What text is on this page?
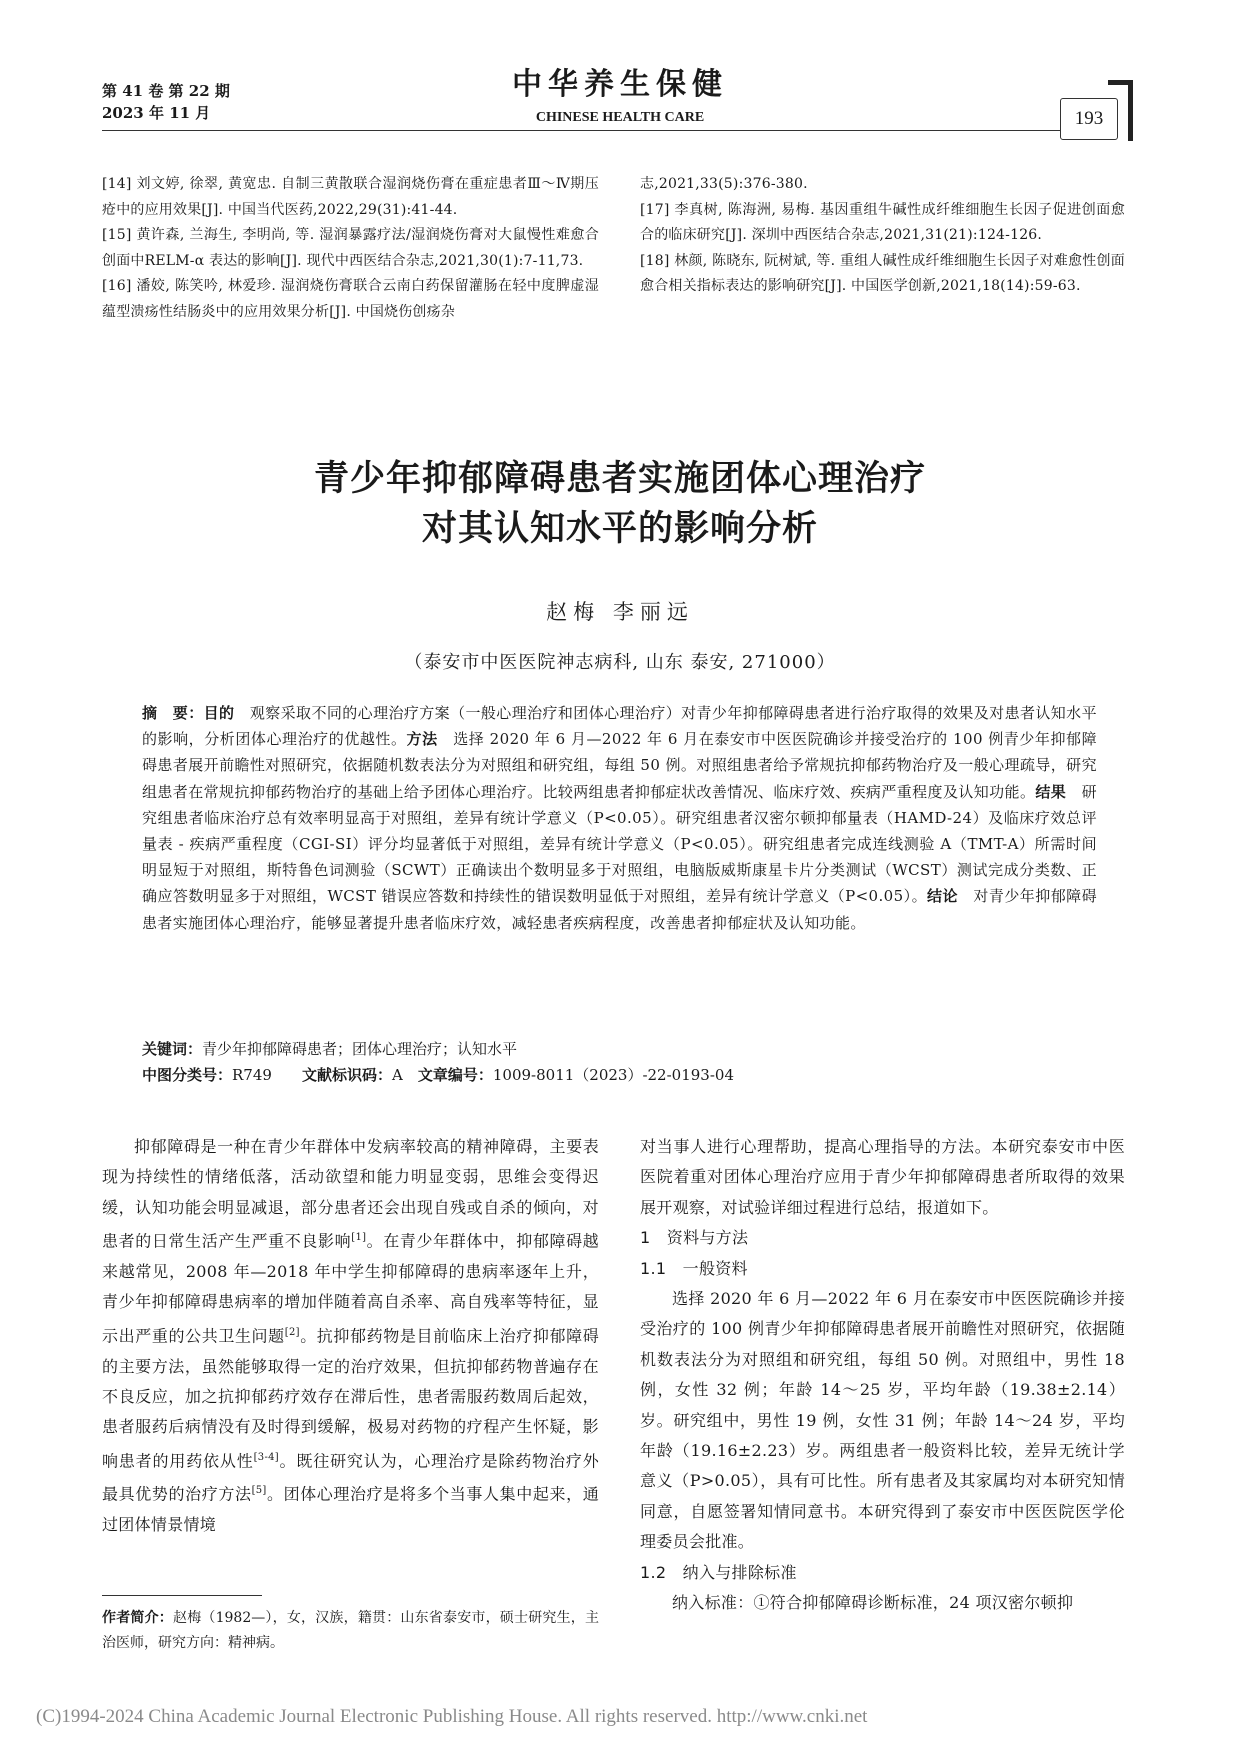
第 41 卷 第 22 期
2023 年 11 月
中华养生保健
CHINESE HEALTH CARE	193
[14] 刘文婷, 徐翠, 黄宽忠. 自制三黄散联合湿润烧伤膏在重症患者Ⅲ～Ⅳ期压疮中的应用效果[J]. 中国当代医药,2022,29(31):41-44.
[15] 黄许森, 兰海生, 李明尚, 等. 湿润暴露疗法/湿润烧伤膏对大鼠慢性难愈合创面中RELM-α 表达的影响[J]. 现代中西医结合杂志,2021,30(1):7-11,73.
[16] 潘姣, 陈笑吟, 林爱珍. 湿润烧伤膏联合云南白药保留灌肠在轻中度脾虚湿蕴型溃疡性结肠炎中的应用效果分析[J]. 中国烧伤创疡杂
志,2021,33(5):376-380.
[17] 李真树, 陈海洲, 易梅. 基因重组牛碱性成纤维细胞生长因子促进创面愈合的临床研究[J]. 深圳中西医结合杂志,2021,31(21):124-126.
[18] 林颜, 陈晓东, 阮树斌, 等. 重组人碱性成纤维细胞生长因子对难愈性创面愈合相关指标表达的影响研究[J]. 中国医学创新,2021,18(14):59-63.
青少年抑郁障碍患者实施团体心理治疗
对其认知水平的影响分析
赵梅 李丽远
（泰安市中医医院神志病科, 山东 泰安, 271000）
摘　要：目的　 观察采取不同的心理治疗方案（一般心理治疗和团体心理治疗）对青少年抑郁障碍患者进行治疗取得的效果及对患者认知水平的影响，分析团体心理治疗的优越性。方法　 选择 2020 年 6 月—2022 年 6 月在泰安市中医医院确诊并接受治疗的 100 例青少年抑郁障碍患者展开前瞻性对照研究，依据随机数表法分为对照组和研究组，每组 50 例。对照组患者给予常规抗抑郁药物治疗及一般心理疏导，研究组患者在常规抗抑郁药物治疗的基础上给予团体心理治疗。比较两组患者抑郁症状改善情况、临床疗效、疾病严重程度及认知功能。结果　 研究组患者临床治疗总有效率明显高于对照组，差异有统计学意义（P<0.05）。研究组患者汉密尔顿抑郁量表（HAMD-24）及临床疗效总评量表 - 疾病严重程度（CGI-SI）评分均显著低于对照组，差异有统计学意义（P<0.05）。研究组患者完成连线测验 A（TMT-A）所需时间明显短于对照组，斯特鲁色词测验（SCWT）正确读出个数明显多于对照组，电脑版威斯康星卡片分类测试（WCST）测试完成分类数、正确应答数明显多于对照组，WCST 错误应答数和持续性的错误数明显低于对照组，差异有统计学意义（P<0.05）。结论　 对青少年抑郁障碍患者实施团体心理治疗，能够显著提升患者临床疗效，减轻患者疾病程度，改善患者抑郁症状及认知功能。
关键词：青少年抑郁障碍患者；团体心理治疗；认知水平
中图分类号：R749　　 文献标识码：A　 文章编号：1009-8011（2023）-22-0193-04

抑郁障碍是一种在青少年群体中发病率较高的精神障碍，主要表现为持续性的情绪低落，活动欲望和能力明显变弱，思维会变得迟缓，认知功能会明显减退，部分患者还会出现自残或自杀的倾向，对患者的日常生活产生严重不良影响[1]。在青少年群体中，抑郁障碍越来越常见，2008 年—2018 年中学生抑郁障碍的患病率逐年上升，青少年抑郁障碍患病率的增加伴随着高自杀率、高自残率等特征，显示出严重的公共卫生问题[2]。抗抑郁药物是目前临床上治疗抑郁障碍的主要方法，虽然能够取得一定的治疗效果，但抗抑郁药物普遍存在不良反应，加之抗抑郁药疗效存在滞后性，患者需服药数周后起效，患者服药后病情没有及时得到缓解，极易对药物的疗程产生怀疑，影响患者的用药依从性[3-4]。既往研究认为，心理治疗是除药物治疗外最具优势的治疗方法[5]。团体心理治疗是将多个当事人集中起来，通过团体情景情境

对当事人进行心理帮助，提高心理指导的方法。本研究泰安市中医医院着重对团体心理治疗应用于青少年抑郁障碍患者所取得的效果展开观察，对试验详细过程进行总结，报道如下。

1　资料与方法
1.1　一般资料

选择 2020 年 6 月—2022 年 6 月在泰安市中医医院确诊并接受治疗的 100 例青少年抑郁障碍患者展开前瞻性对照研究，依据随机数表法分为对照组和研究组，每组 50 例。对照组中，男性 18 例，女性 32 例；年龄 14～25 岁，平均年龄（19.38±2.14）岁。研究组中，男性 19 例，女性 31 例；年龄 14～24 岁，平均年龄（19.16±2.23）岁。两组患者一般资料比较，差异无统计学意义（P>0.05），具有可比性。所有患者及其家属均对本研究知情同意，自愿签署知情同意书。本研究得到了泰安市中医医院医学伦理委员会批准。

1.2　纳入与排除标准

纳入标准：①符合抑郁障碍诊断标准，24 项汉密尔顿抑

作者简介：赵梅（1982—），女，汉族，籍贯：山东省泰安市，硕士研究生，主治医师，研究方向：精神病。
(C)1994-2024 China Academic Journal Electronic Publishing House. All rights reserved. http://www.cnki.net
